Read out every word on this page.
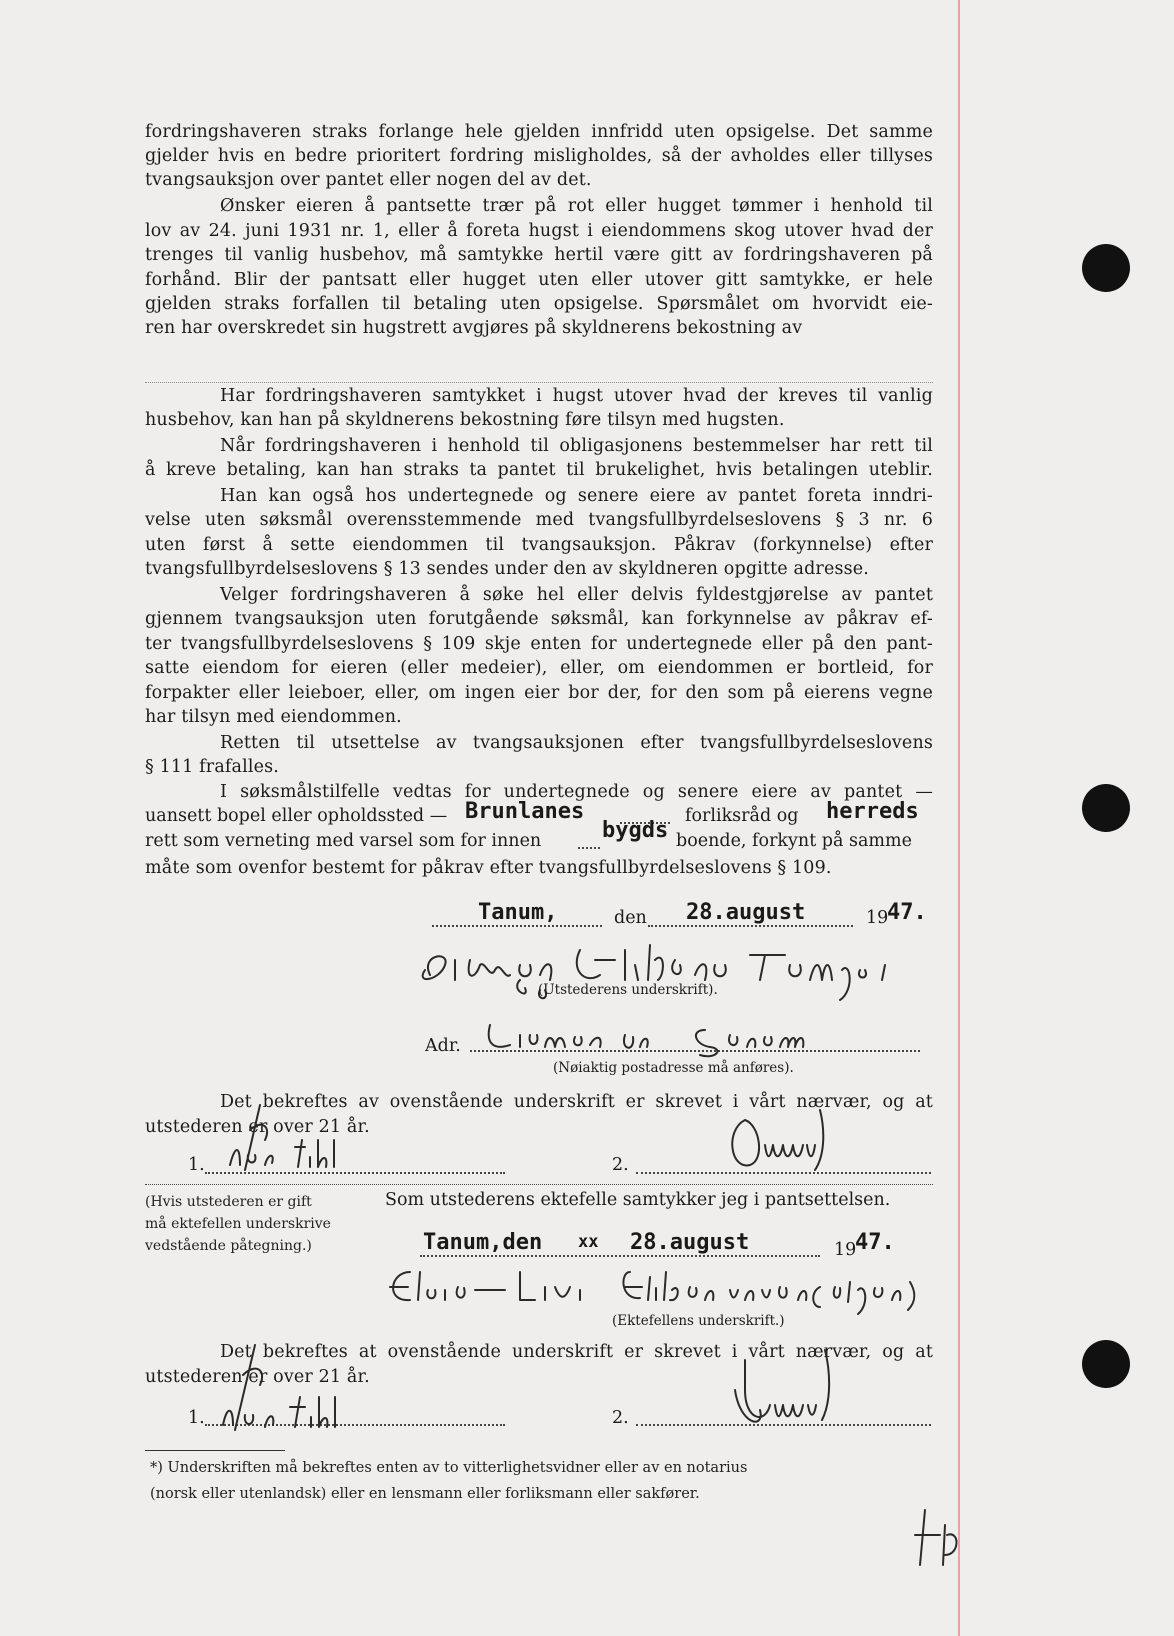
fordringshaveren straks forlange hele gjelden innfridd uten opsigelse. Det samme
gjelder hvis en bedre prioritert fordring misligholdes, så der avholdes eller tillyses
tvangsauksjon over pantet eller nogen del av det.
Ønsker eieren å pantsette trær på rot eller hugget tømmer i henhold til
lov av 24. juni 1931 nr. 1, eller å foreta hugst i eiendommens skog utover hvad der
trenges til vanlig husbehov, må samtykke hertil være gitt av fordringshaveren på
forhånd. Blir der pantsatt eller hugget uten eller utover gitt samtykke, er hele
gjelden straks forfallen til betaling uten opsigelse. Spørsmålet om hvorvidt eie-
ren har overskredet sin hugstrett avgjøres på skyldnerens bekostning av
Har fordringshaveren samtykket i hugst utover hvad der kreves til vanlig
husbehov, kan han på skyldnerens bekostning føre tilsyn med hugsten.
Når fordringshaveren i henhold til obligasjonens bestemmelser har rett til
å kreve betaling, kan han straks ta pantet til brukelighet, hvis betalingen uteblir.
Han kan også hos undertegnede og senere eiere av pantet foreta inndri-
velse uten søksmål overensstemmende med tvangsfullbyrdelseslovens § 3 nr. 6
uten først å sette eiendommen til tvangsauksjon. Påkrav (forkynnelse) efter
tvangsfullbyrdelseslovens § 13 sendes under den av skyldneren opgitte adresse.
Velger fordringshaveren å søke hel eller delvis fyldestgjørelse av pantet
gjennem tvangsauksjon uten forutgående søksmål, kan forkynnelse av påkrav ef-
ter tvangsfullbyrdelseslovens § 109 skje enten for undertegnede eller på den pant-
satte eiendom for eieren (eller medeier), eller, om eiendommen er bortleid, for
forpakter eller leieboer, eller, om ingen eier bor der, for den som på eierens vegne
har tilsyn med eiendommen.
Retten til utsettelse av tvangsauksjonen efter tvangsfullbyrdelseslovens
§ 111 frafalles.
I søksmålstilfelle vedtas for undertegnede og senere eiere av pantet —
uansett bopel eller opholdssted — Brunlanes	forliksråd og herreds
rett som verneting med varsel som for innen	bygds boende, forkynt på samme
måte som ovenfor bestemt for påkrav efter tvangsfullbyrdelseslovens § 109.
Tanum,	den 28.august	19
47.
(Utstederens underskrift).
Adr.
(Nøiaktig postadresse må anføres).
Det bekreftes av ovenstående underskrift er skrevet i vårt nærvær, og at
utstederen er over 21 år.
1.	2.
(Hvis utstederen er gift
må ektefellen underskrive
vedstående påtegning.)
Som utstederens ektefelle samtykker jeg i pantsettelsen.
Tanum,den xx 28.august	19
47.
(Ektefellens underskrift.)
Det bekreftes at ovenstående underskrift er skrevet i vårt nærvær, og at
utstederen er over 21 år.
1.	2.
*) Underskriften må bekreftes enten av to vitterlighetsvidner eller av en notarius
(norsk eller utenlandsk) eller en lensmann eller forliksmann eller sakfører.
